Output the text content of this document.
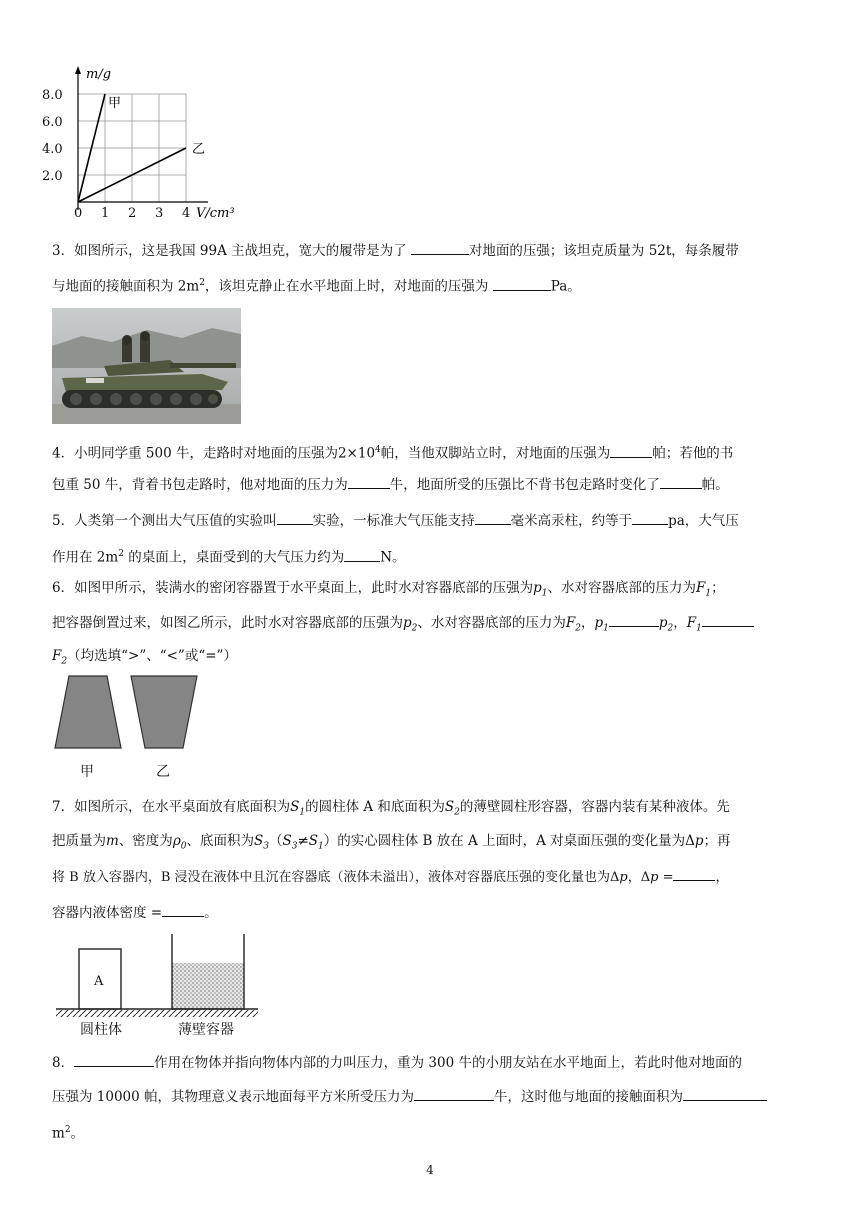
0 1 2 3 4
8.0
6.0
4.0
2.0
m/g
V/cm³
甲
乙
3．如图所示，这是我国 99A 主战坦克，宽大的履带是为了	对地面的压强；该坦克质量为 52t，每条履带
与地面的接触面积为 $2m^2$，该坦克静止在水平地面上时，对地面的压强为	Pa。
4．小明同学重 500 牛，走路时对地面的压强为$2\times 10^4$帕，当他双脚站立时，对地面的压强为	帕；若他的书
包重 50 牛，背着书包走路时，他对地面的压力为	牛，地面所受的压强比不背书包走路时变化了	帕。
5．人类第一个测出大气压值的实验叫	实验，一标准大气压能支持	毫米高汞柱，约等于	pa，大气压
作用在 $2m^2$ 的桌面上，桌面受到的大气压力约为	N。
6．如图甲所示，装满水的密闭容器置于水平桌面上，此时水对容器底部的压强为$p_1$、水对容器底部的压力为$F_1$；
把容器倒置过来，如图乙所示，此时水对容器底部的压强为$p_2$、水对容器底部的压力为$F_2$，$p_1$	$p_2$，$F_1$
$F_2$（均选填“>”、“<”或“=”）
甲	乙
7．如图所示，在水平桌面放有底面积为$S_1$的圆柱体 A 和底面积为$S_2$的薄壁圆柱形容器，容器内装有某种液体。先
把质量为m、密度为$\rho_0$、底面积为$S_3(S_3\ne S_1)$的实心圆柱体 B 放在 A 上面时，A 对桌面压强的变化量为Δp；再
将 B 放入容器内，B 浸没在液体中且沉在容器底（液体未溢出），液体对容器底压强的变化量也为Δp，Δp =	，
容器内液体密度 =	。
A
圆柱体	薄壁容器
8．	作用在物体并指向物体内部的力叫压力，重为 300 牛的小朋友站在水平地面上，若此时他对地面的
压强为 10000 帕，其物理意义表示地面每平方米所受压力为	牛，这时他与地面的接触面积为
$m^2$。
4
